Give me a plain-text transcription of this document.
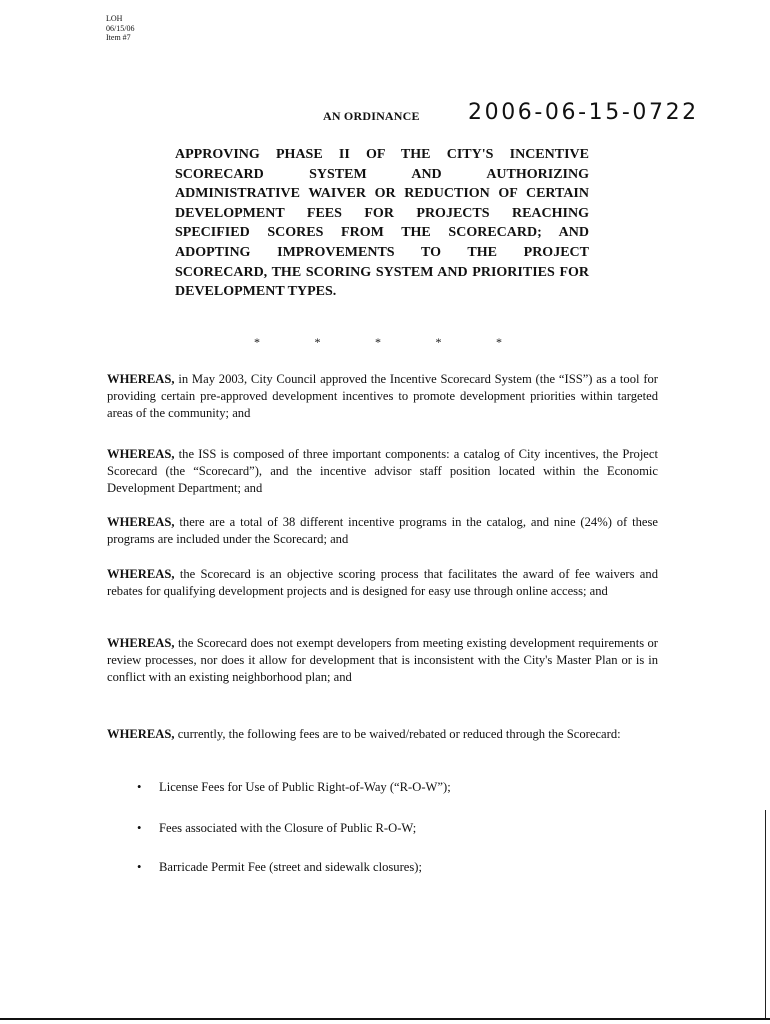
LOH
06/15/06
Item #7
AN ORDINANCE 2006-06-15-0722

APPROVING PHASE II OF THE CITY'S INCENTIVE SCORECARD SYSTEM AND AUTHORIZING ADMINISTRATIVE WAIVER OR REDUCTION OF CERTAIN DEVELOPMENT FEES FOR PROJECTS REACHING SPECIFIED SCORES FROM THE SCORECARD; AND ADOPTING IMPROVEMENTS TO THE PROJECT SCORECARD, THE SCORING SYSTEM AND PRIORITIES FOR DEVELOPMENT TYPES.

*	*	*	*	*

WHEREAS, in May 2003, City Council approved the Incentive Scorecard System (the “ISS”) as a tool for providing certain pre-approved development incentives to promote development priorities within targeted areas of the community; and

WHEREAS, the ISS is composed of three important components: a catalog of City incentives, the Project Scorecard (the “Scorecard”), and the incentive advisor staff position located within the Economic Development Department; and

WHEREAS, there are a total of 38 different incentive programs in the catalog, and nine (24%) of these programs are included under the Scorecard; and

WHEREAS, the Scorecard is an objective scoring process that facilitates the award of fee waivers and rebates for qualifying development projects and is designed for easy use through online access; and

WHEREAS, the Scorecard does not exempt developers from meeting existing development requirements or review processes, nor does it allow for development that is inconsistent with the City's Master Plan or is in conflict with an existing neighborhood plan; and

WHEREAS, currently, the following fees are to be waived/rebated or reduced through the Scorecard:

• License Fees for Use of Public Right-of-Way (“R-O-W”);
• Fees associated with the Closure of Public R-O-W;
• Barricade Permit Fee (street and sidewalk closures);
